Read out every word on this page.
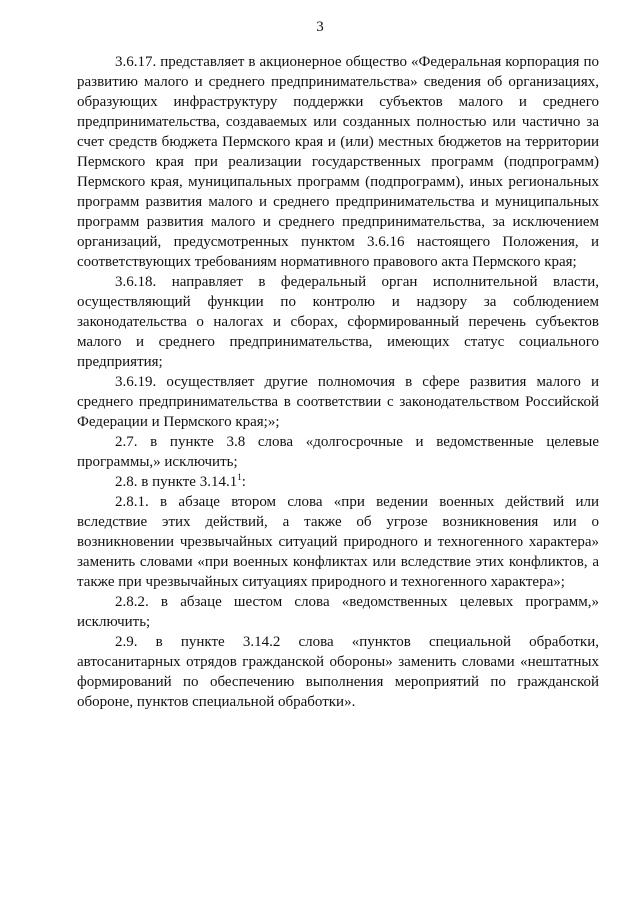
3

3.6.17. представляет в акционерное общество «Федеральная корпорация по развитию малого и среднего предпринимательства» сведения об организациях, образующих инфраструктуру поддержки субъектов малого и среднего предпринимательства, создаваемых или созданных полностью или частично за счет средств бюджета Пермского края и (или) местных бюджетов на территории Пермского края при реализации государственных программ (подпрограмм) Пермского края, муниципальных программ (подпрограмм), иных региональных программ развития малого и среднего предпринимательства и муниципальных программ развития малого и среднего предпринимательства, за исключением организаций, предусмотренных пунктом 3.6.16 настоящего Положения, и соответствующих требованиям нормативного правового акта Пермского края;

3.6.18. направляет в федеральный орган исполнительной власти, осуществляющий функции по контролю и надзору за соблюдением законодательства о налогах и сборах, сформированный перечень субъектов малого и среднего предпринимательства, имеющих статус социального предприятия;

3.6.19. осуществляет другие полномочия в сфере развития малого и среднего предпринимательства в соответствии с законодательством Российской Федерации и Пермского края;»;

2.7. в пункте 3.8 слова «долгосрочные и ведомственные целевые программы,» исключить;

2.8. в пункте 3.14.1$^1$:

2.8.1. в абзаце втором слова «при ведении военных действий или вследствие этих действий, а также об угрозе возникновения или о возникновении чрезвычайных ситуаций природного и техногенного характера» заменить словами «при военных конфликтах или вследствие этих конфликтов, а также при чрезвычайных ситуациях природного и техногенного характера»;

2.8.2. в абзаце шестом слова «ведомственных целевых программ,» исключить;

2.9. в пункте 3.14.2 слова «пунктов специальной обработки, автосанитарных отрядов гражданской обороны» заменить словами «нештатных формирований по обеспечению выполнения мероприятий по гражданской обороне, пунктов специальной обработки».
